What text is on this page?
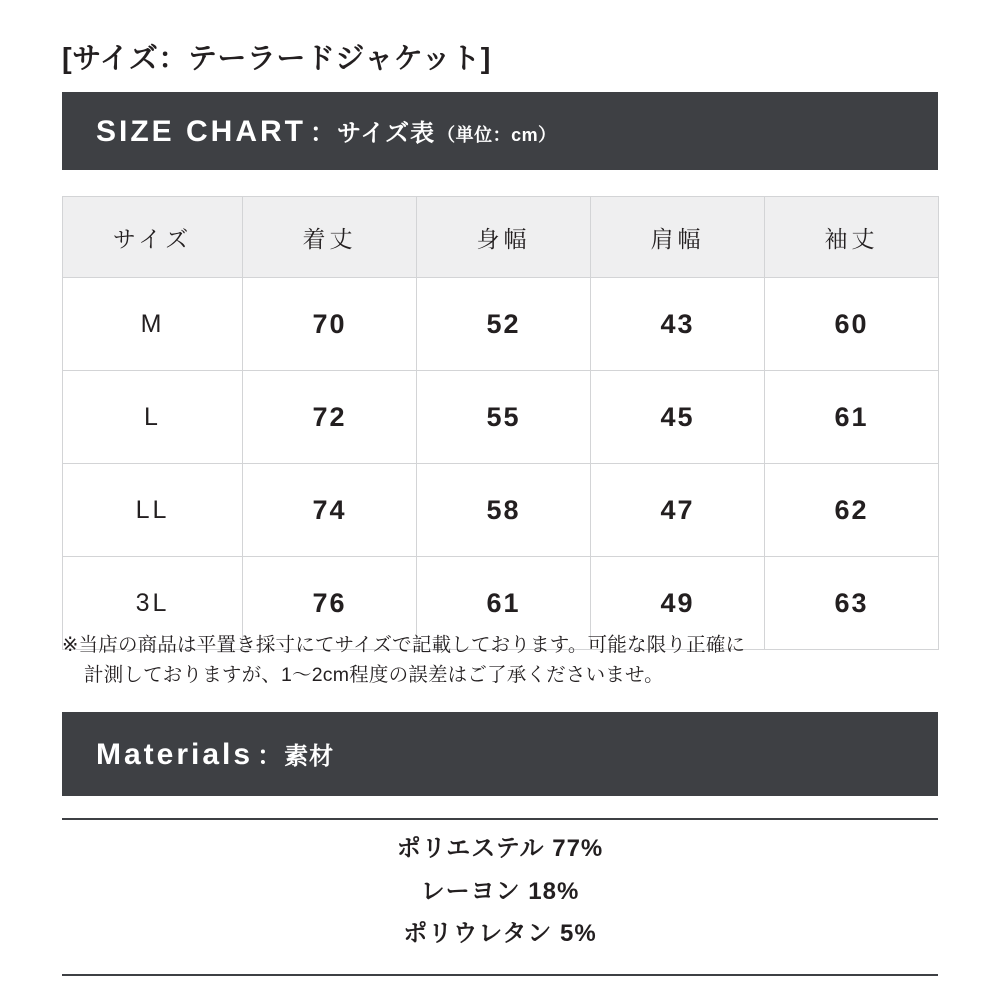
[サイズ：テーラードジャケット]
SIZE CHART ： サイズ表 （単位：cm）
サイズ	着丈	身幅	肩幅	袖丈
M	70	52	43	60
L	72	55	45	61
LL	74	58	47	62
3L	76	61	49	63
※当店の商品は平置き採寸にてサイズで記載しております。可能な限り正確に
計測しておりますが、1〜2cm程度の誤差はご了承くださいませ。
Materials ： 素材
ポリエステル 77%
レーヨン 18%
ポリウレタン 5%
